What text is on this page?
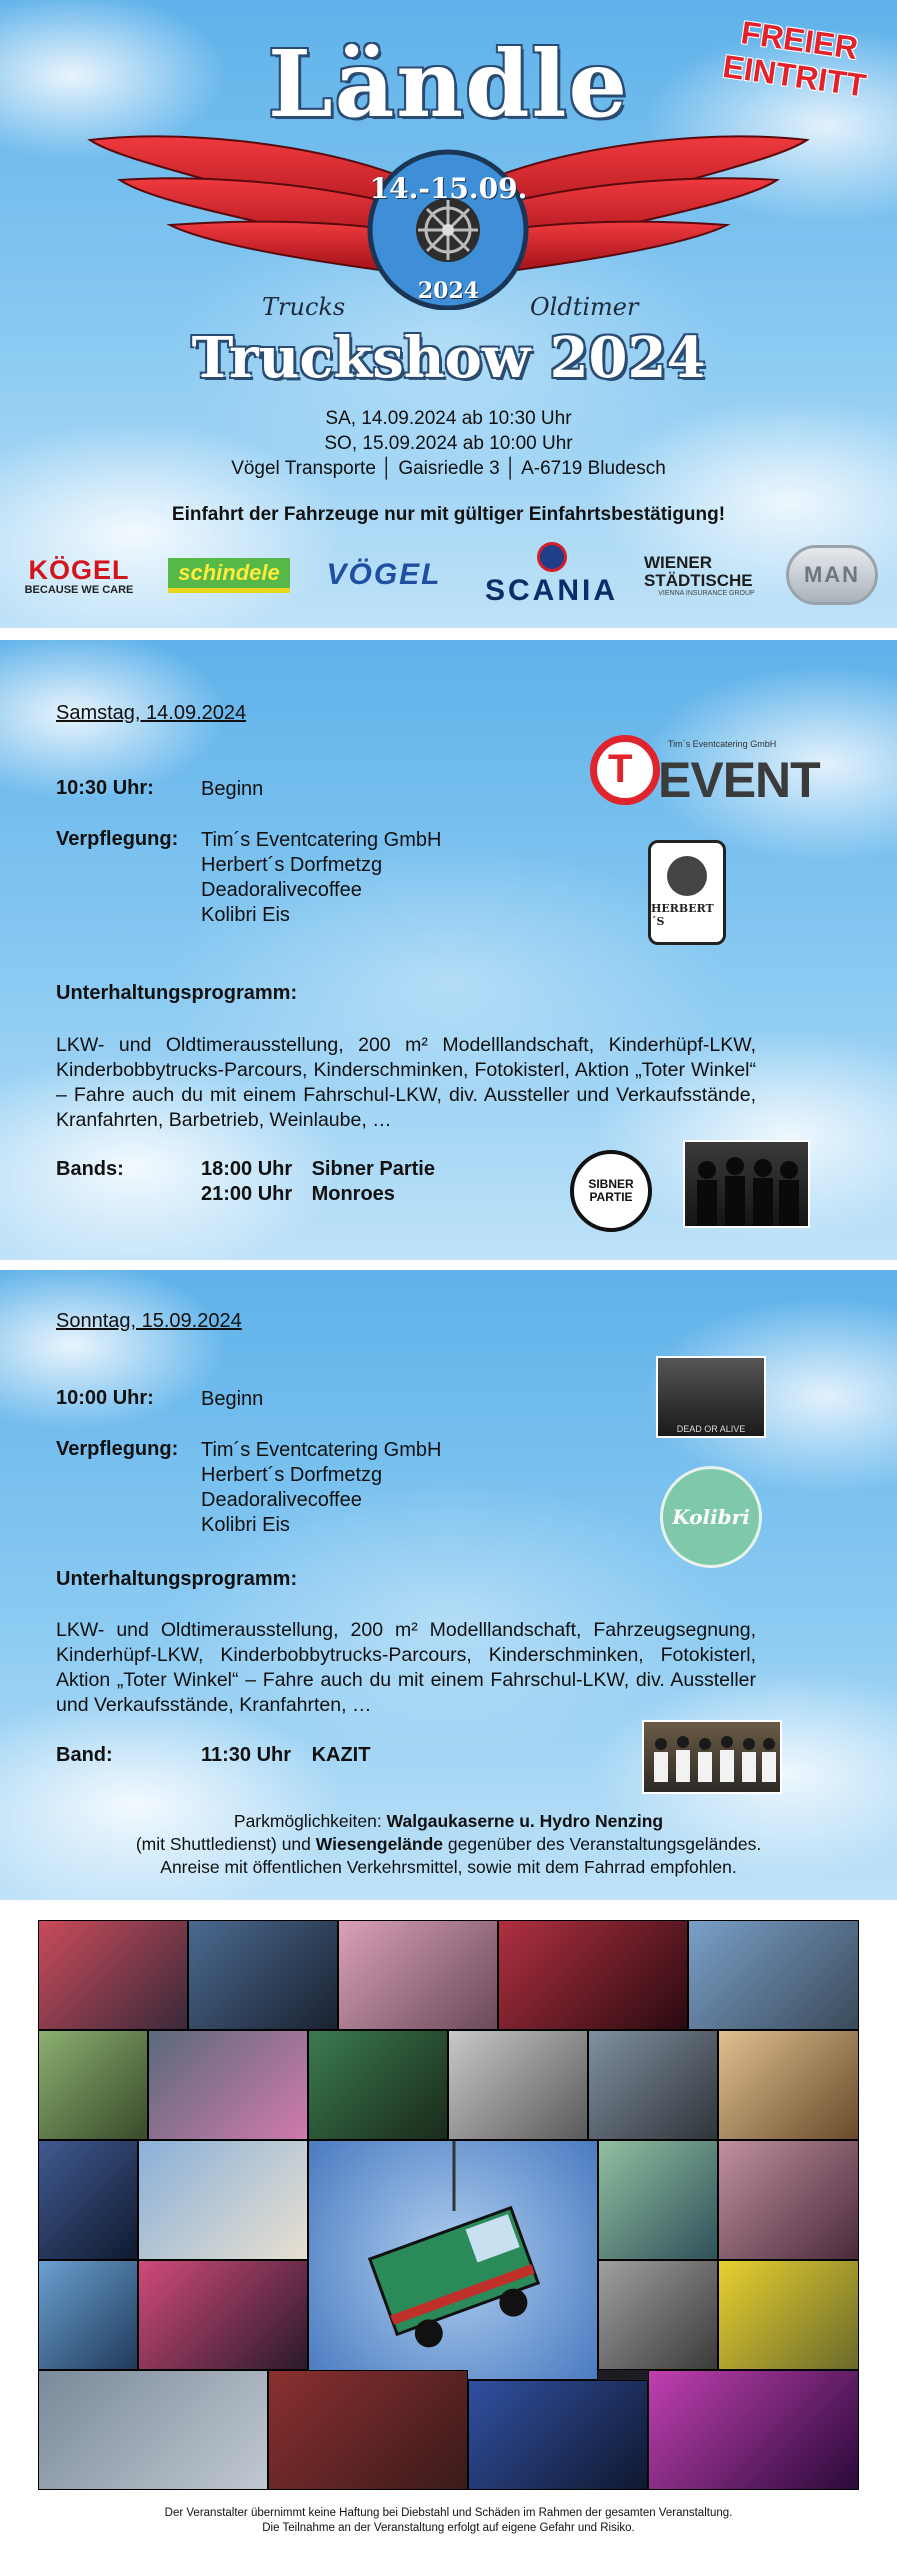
FREIER EINTRITT
Ländle
14.-15.09.
2024
Trucks	Oldtimer
Truckshow 2024
SA, 14.09.2024 ab 10:30 Uhr
SO, 15.09.2024 ab 10:00 Uhr
Vögel Transporte │ Gaisriedle 3 │ A-6719 Bludesch
Einfahrt der Fahrzeuge nur mit gültiger Einfahrtsbestätigung!
KÖGEL
BECAUSE WE CARE
schindele	VÖGEL SCANIA
WIENER STÄDTISCHE
VIENNA INSURANCE GROUP
MAN
Samstag, 14.09.2024
10:30 Uhr: Beginn
Verpflegung: Tim´s Eventcatering GmbH
Herbert´s Dorfmetzg
Deadoralivecoffee
Kolibri Eis
Unterhaltungsprogramm:
LKW- und Oldtimerausstellung, 200 m² Modelllandschaft, Kinderhüpf-LKW, Kinderbobbytrucks-Parcours, Kinderschminken, Fotokisterl, Aktion „Toter Winkel“ – Fahre auch du mit einem Fahrschul-LKW, div. Aussteller und Verkaufsstände, Kranfahrten, Barbetrieb, Weinlaube, …
Bands:	18:00 Uhr Sibner Partie
21:00 Uhr Monroes
T
Tim´s Eventcatering GmbH
EVENT
HERBERT´S
SIBNER PARTIE
Sonntag, 15.09.2024
10:00 Uhr: Beginn
Verpflegung: Tim´s Eventcatering GmbH
Herbert´s Dorfmetzg
Deadoralivecoffee
Kolibri Eis
Unterhaltungsprogramm:
LKW- und Oldtimerausstellung, 200 m² Modelllandschaft, Fahrzeugsegnung, Kinderhüpf-LKW, Kinderbobbytrucks-Parcours, Kinderschminken, Fotokisterl, Aktion „Toter Winkel“ – Fahre auch du mit einem Fahrschul-LKW, div. Aussteller und Verkaufsstände, Kranfahrten, …
Band:	11:30 Uhr KAZIT
DEAD OR ALIVE
Kolibri
Parkmöglichkeiten: Walgaukaserne u. Hydro Nenzing
(mit Shuttledienst) und Wiesengelände gegenüber des Veranstaltungsgeländes.
Anreise mit öffentlichen Verkehrsmittel, sowie mit dem Fahrrad empfohlen.
Der Veranstalter übernimmt keine Haftung bei Diebstahl und Schäden im Rahmen der gesamten Veranstaltung.
Die Teilnahme an der Veranstaltung erfolgt auf eigene Gefahr und Risiko.
